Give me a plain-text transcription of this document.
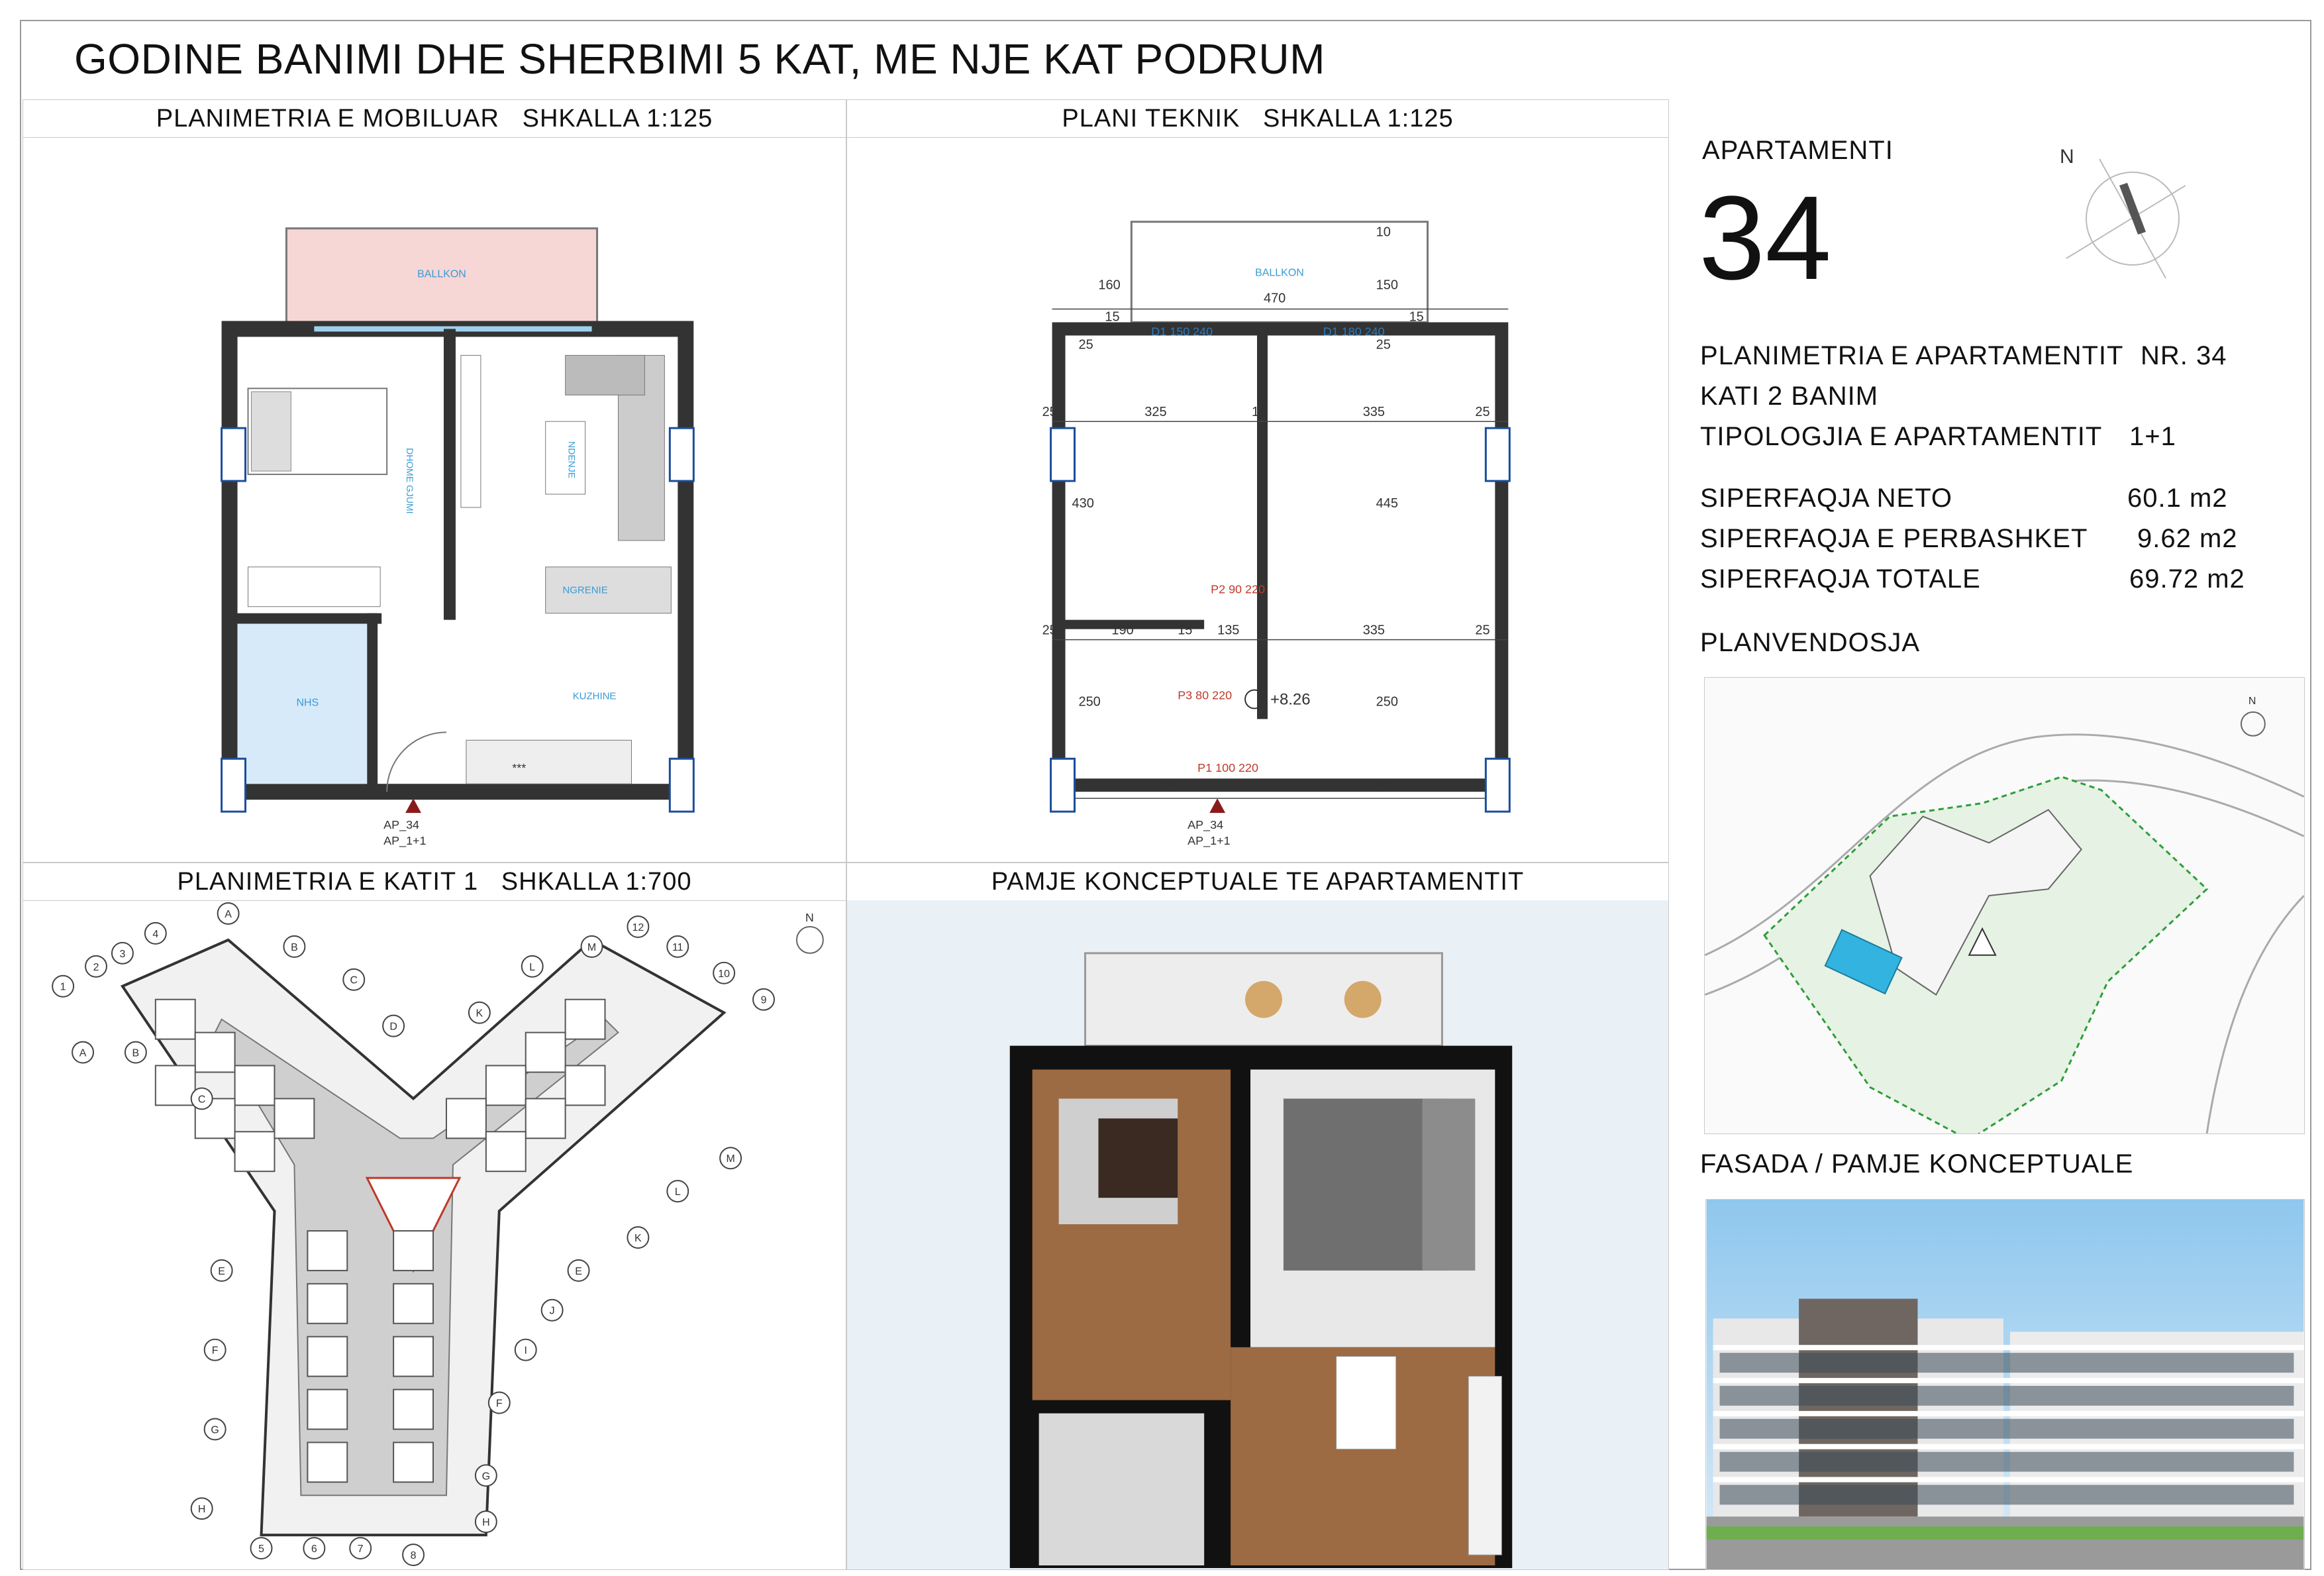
GODINE BANIMI DHE SHERBIMI 5 KAT, ME NJE KAT PODRUM
PLANIMETRIA E MOBILUAR   SHKALLA 1:125
BALLKON
NHS
DHOME GJUMI	NDENJE
NGRENIE
KUZHINE
***
AP_34
AP_1+1
PLANI TEKNIK   SHKALLA 1:125
BALLKON
160
470
150
10
15	15
25	25
25	325	15	335	25
430	445
25	190	15 135	335	25
250	250
25	25	25
D1 150 240	D1 180 240
P2 90 220
P3 80 220
P1 100 220
+8.26
AP_34
AP_1+1
PLANIMETRIA E KATIT 1   SHKALLA 1:700
A
B
C
D
E
F
G
H
M
L
K
J
I
A	B
C
E
F
G
H
K
L
M
1
2
3
4
5	6	7
8
9
10
11
12
N
PAMJE KONCEPTUALE TE APARTAMENTIT
APARTAMENTI
34
N
PLANIMETRIA E APARTAMENTIT NR. 34
KATI 2 BANIM
TIPOLOGJIA E APARTAMENTIT 1+1
SIPERFAQJA NETO	60.1 m2
SIPERFAQJA E PERBASHKET 9.62 m2
SIPERFAQJA TOTALE	69.72 m2
PLANVENDOSJA
N
FASADA / PAMJE KONCEPTUALE
